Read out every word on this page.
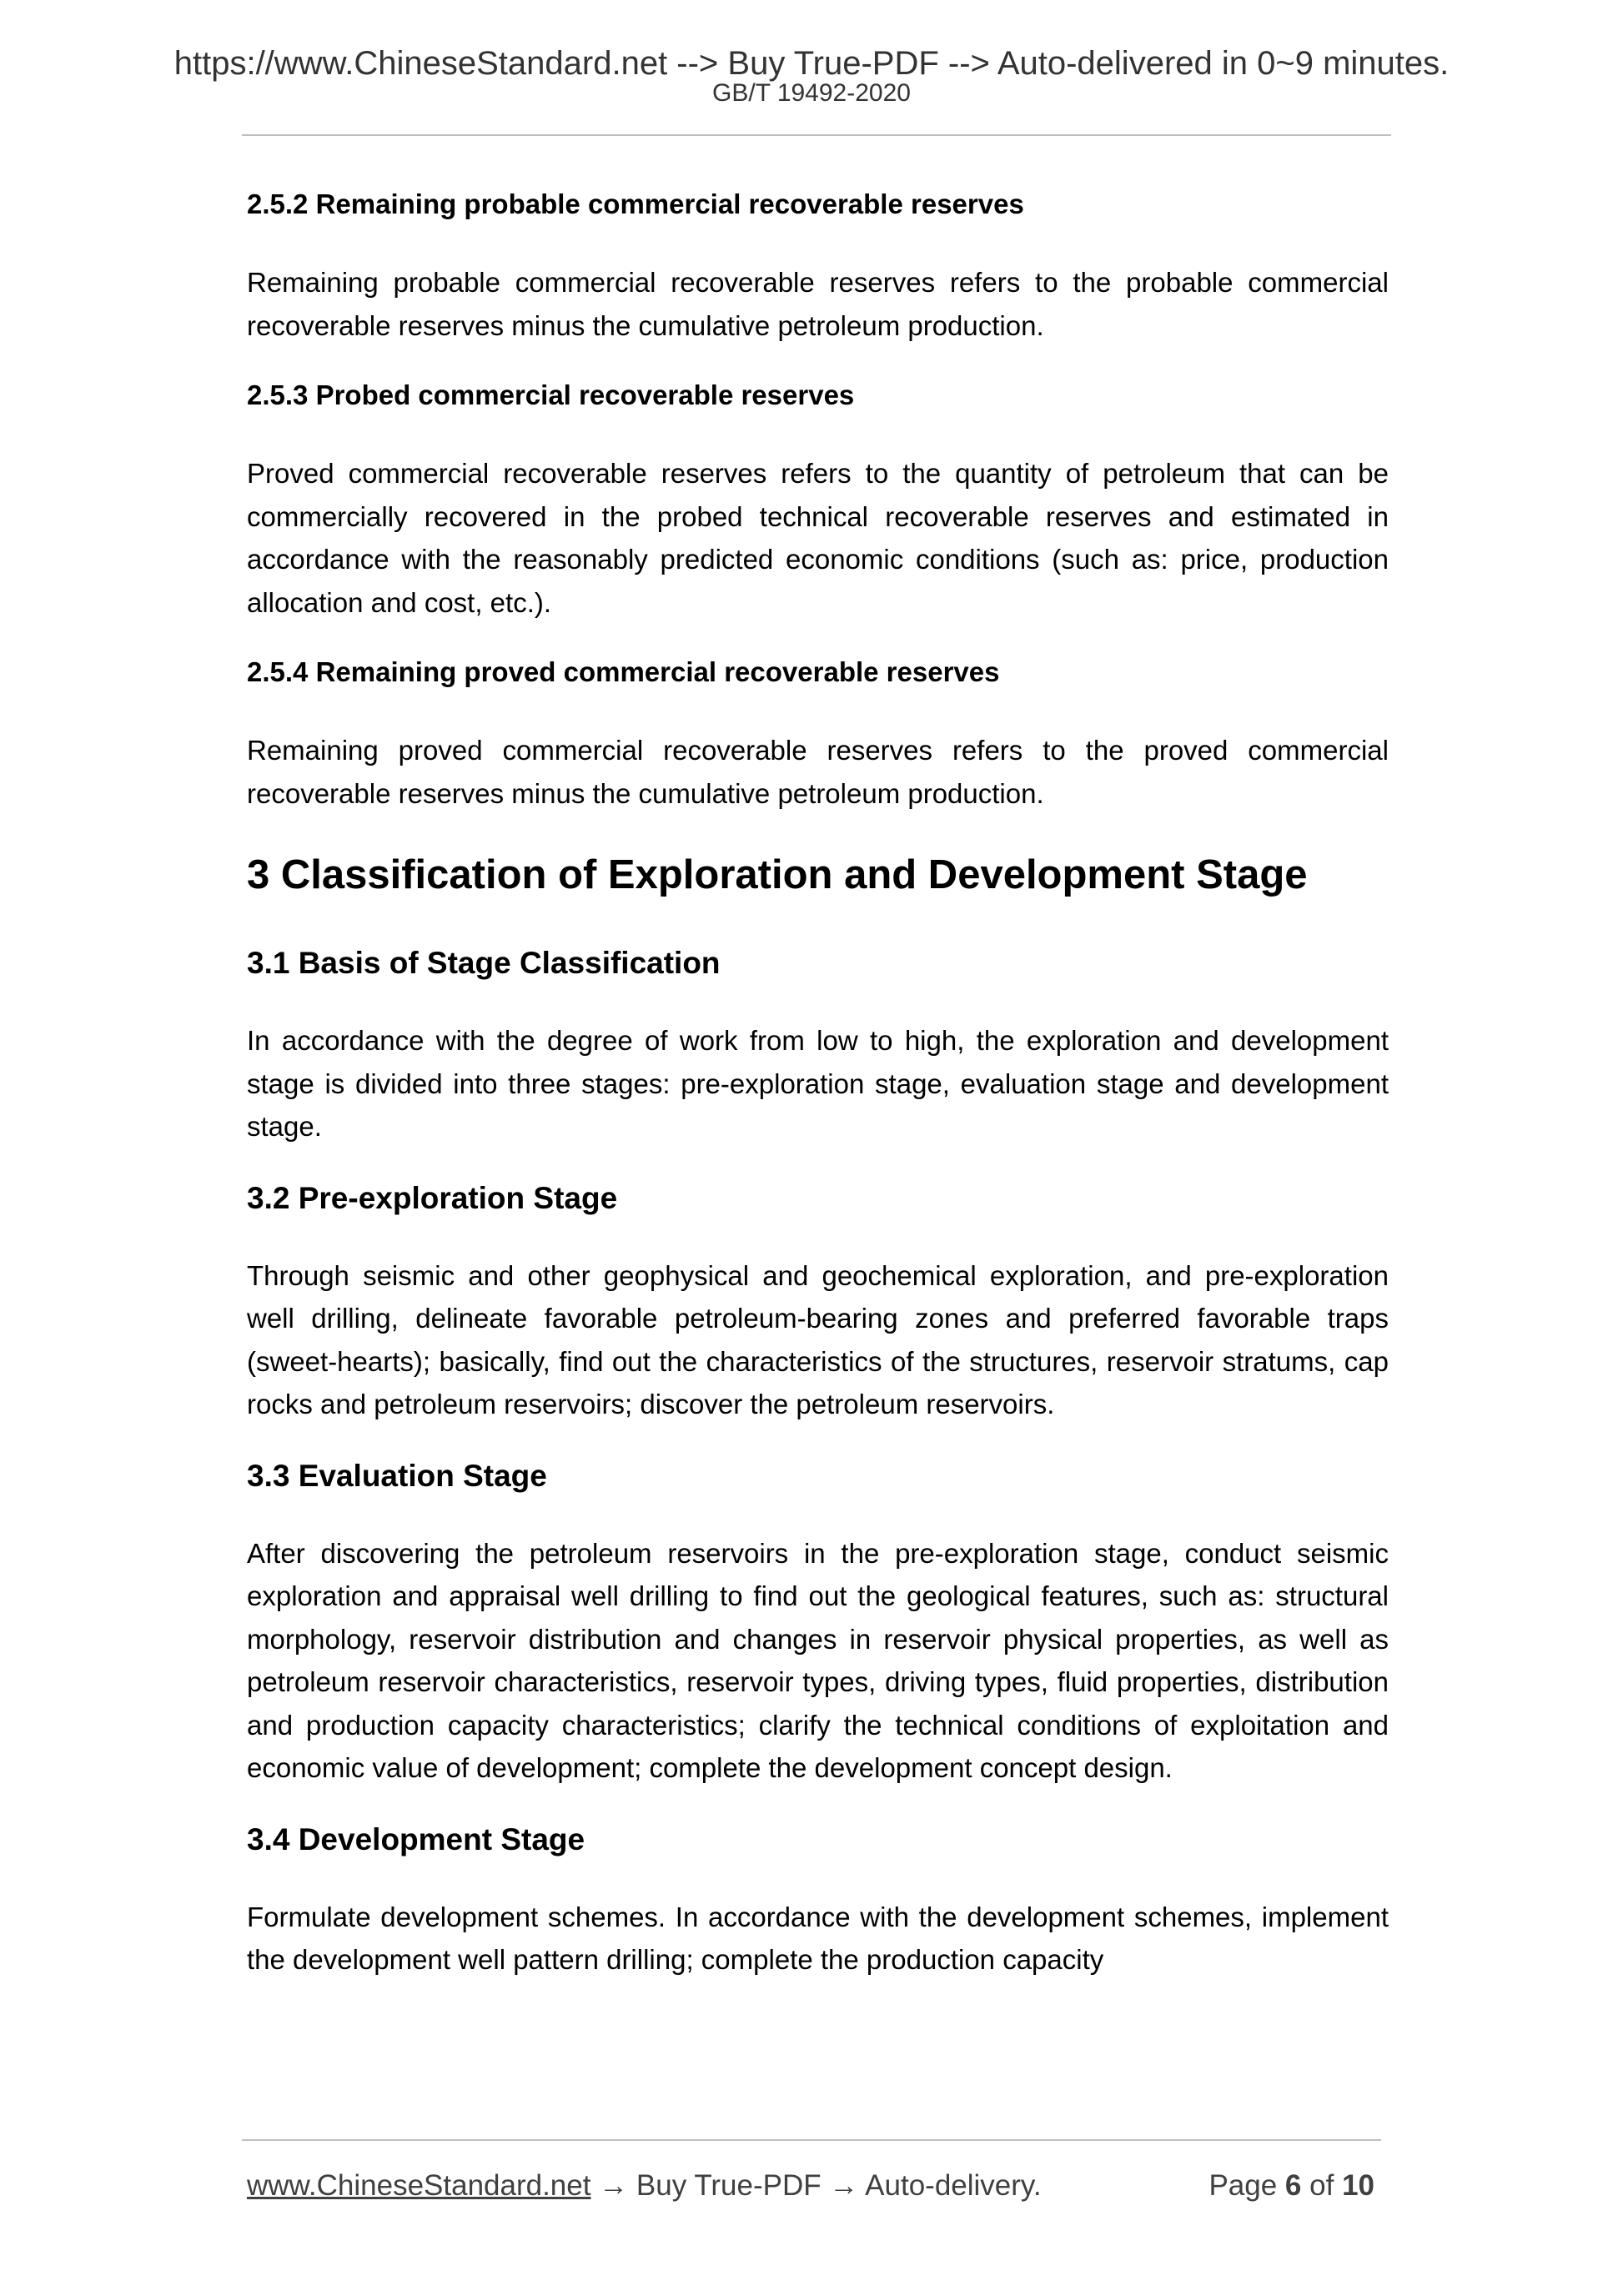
https://www.ChineseStandard.net --> Buy True-PDF --> Auto-delivered in 0~9 minutes.
GB/T 19492-2020
2.5.2 Remaining probable commercial recoverable reserves
Remaining probable commercial recoverable reserves refers to the probable commercial recoverable reserves minus the cumulative petroleum production.
2.5.3 Probed commercial recoverable reserves
Proved commercial recoverable reserves refers to the quantity of petroleum that can be commercially recovered in the probed technical recoverable reserves and estimated in accordance with the reasonably predicted economic conditions (such as: price, production allocation and cost, etc.).
2.5.4 Remaining proved commercial recoverable reserves
Remaining proved commercial recoverable reserves refers to the proved commercial recoverable reserves minus the cumulative petroleum production.
3 Classification of Exploration and Development Stage
3.1 Basis of Stage Classification
In accordance with the degree of work from low to high, the exploration and development stage is divided into three stages: pre-exploration stage, evaluation stage and development stage.
3.2 Pre-exploration Stage
Through seismic and other geophysical and geochemical exploration, and pre-exploration well drilling, delineate favorable petroleum-bearing zones and preferred favorable traps (sweet-hearts); basically, find out the characteristics of the structures, reservoir stratums, cap rocks and petroleum reservoirs; discover the petroleum reservoirs.
3.3 Evaluation Stage
After discovering the petroleum reservoirs in the pre-exploration stage, conduct seismic exploration and appraisal well drilling to find out the geological features, such as: structural morphology, reservoir distribution and changes in reservoir physical properties, as well as petroleum reservoir characteristics, reservoir types, driving types, fluid properties, distribution and production capacity characteristics; clarify the technical conditions of exploitation and economic value of development; complete the development concept design.
3.4 Development Stage
Formulate development schemes. In accordance with the development schemes, implement the development well pattern drilling; complete the production capacity
www.ChineseStandard.net → Buy True-PDF → Auto-delivery.	Page 6 of 10
